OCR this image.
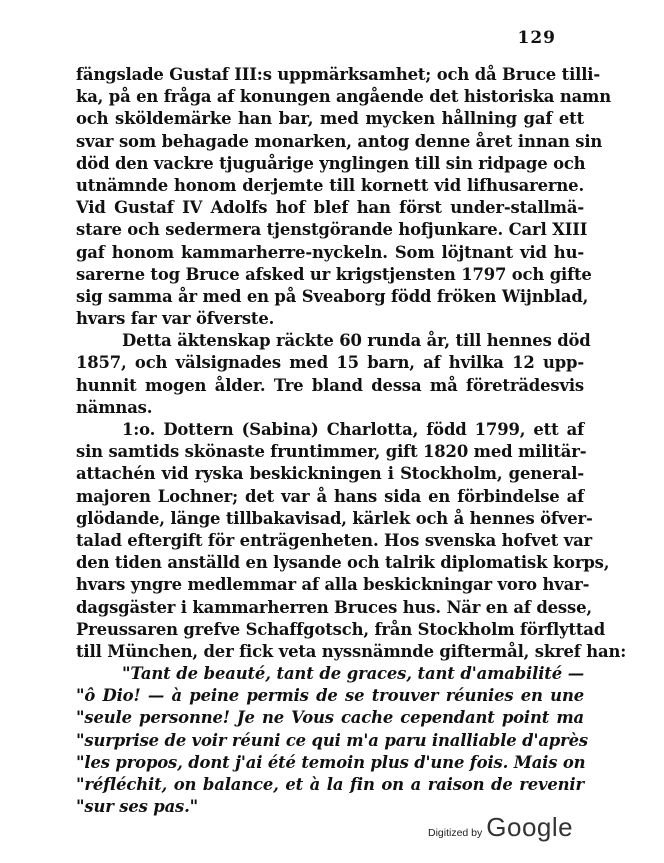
129
fängslade Gustaf III:s uppmärksamhet; och då Bruce tilli-
ka, på en fråga af konungen angående det historiska namn
och sköldemärke han bar, med mycken hållning gaf ett
svar som behagade monarken, antog denne året innan sin
död den vackre tjuguårige ynglingen till sin ridpage och
utnämnde honom derjemte till kornett vid lifhusarerne.
Vid Gustaf IV Adolfs hof blef han först under-stallmä-
stare och sedermera tjenstgörande hofjunkare. Carl XIII
gaf honom kammarherre-nyckeln. Som löjtnant vid hu-
sarerne tog Bruce afsked ur krigstjensten 1797 och gifte
sig samma år med en på Sveaborg född fröken Wijnblad,
hvars far var öfverste.
Detta äktenskap räckte 60 runda år, till hennes död
1857, och välsignades med 15 barn, af hvilka 12 upp-
hunnit mogen ålder. Tre bland dessa må företrädesvis
nämnas.
1:o. Dottern (Sabina) Charlotta, född 1799, ett af
sin samtids skönaste fruntimmer, gift 1820 med militär-
attachén vid ryska beskickningen i Stockholm, general-
majoren Lochner; det var å hans sida en förbindelse af
glödande, länge tillbakavisad, kärlek och å hennes öfver-
talad eftergift för enträgenheten. Hos svenska hofvet var
den tiden anställd en lysande och talrik diplomatisk korps,
hvars yngre medlemmar af alla beskickningar voro hvar-
dagsgäster i kammarherren Bruces hus. När en af desse,
Preussaren grefve Schaffgotsch, från Stockholm förflyttad
till München, der fick veta nyssnämnde giftermål, skref han:
"Tant de beauté, tant de graces, tant d'amabilité —
"ô Dio! — à peine permis de se trouver réunies en une
"seule personne! Je ne Vous cache cependant point ma
"surprise de voir réuni ce qui m'a paru inalliable d'après
"les propos, dont j'ai été temoin plus d'une fois. Mais on
"réfléchit, on balance, et à la fin on a raison de revenir
"sur ses pas."
Digitized by Google
